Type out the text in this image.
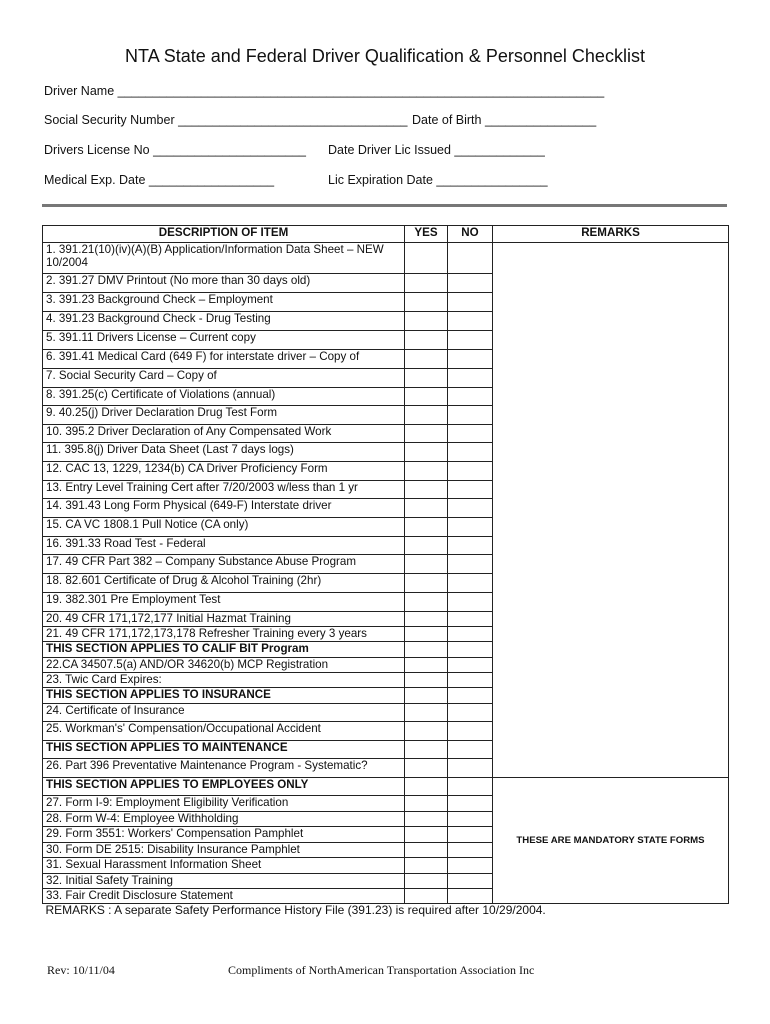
NTA State and Federal Driver Qualification & Personnel Checklist
Driver Name ______________________________________________________________________
Social Security Number _________________________________ Date of Birth ________________
Drivers License No ______________________ Date Driver Lic Issued _____________
Medical Exp. Date __________________	Lic Expiration Date ________________
DESCRIPTION OF ITEM	YES	NO	REMARKS
1. 391.21(10)(iv)(A)(B) Application/Information Data Sheet – NEW 10/2004			
2. 391.27 DMV Printout (No more than 30 days old)			
3. 391.23 Background Check – Employment			
4. 391.23 Background Check - Drug Testing			
5. 391.11 Drivers License – Current copy			
6. 391.41 Medical Card (649 F) for interstate driver – Copy of			
7. Social Security Card – Copy of			
8. 391.25(c) Certificate of Violations (annual)			
9. 40.25(j) Driver Declaration Drug Test Form			
10. 395.2 Driver Declaration of Any Compensated Work			
11. 395.8(j) Driver Data Sheet (Last 7 days logs)			
12. CAC 13, 1229, 1234(b) CA Driver Proficiency Form			
13. Entry Level Training Cert after 7/20/2003 w/less than 1 yr			
14. 391.43 Long Form Physical (649-F) Interstate driver			
15. CA VC 1808.1 Pull Notice (CA only)			
16. 391.33 Road Test - Federal			
17. 49 CFR Part 382 – Company Substance Abuse Program			
18. 82.601 Certificate of Drug & Alcohol Training (2hr)			
19. 382.301 Pre Employment Test			
20. 49 CFR 171,172,177 Initial Hazmat Training			
21. 49 CFR 171,172,173,178 Refresher Training every 3 years			
THIS SECTION APPLIES TO CALIF BIT Program			
22.CA 34507.5(a) AND/OR 34620(b) MCP Registration			
23. Twic Card Expires:			
THIS SECTION APPLIES TO INSURANCE			
24. Certificate of Insurance			
25. Workman's' Compensation/Occupational Accident			
THIS SECTION APPLIES TO MAINTENANCE			
26. Part 396 Preventative Maintenance Program - Systematic?			
THIS SECTION APPLIES TO EMPLOYEES ONLY			THESE ARE MANDATORY STATE FORMS
27. Form I-9: Employment Eligibility Verification			
28. Form W-4: Employee Withholding			
29. Form 3551: Workers' Compensation Pamphlet			
30. Form DE 2515: Disability Insurance Pamphlet			
31. Sexual Harassment Information Sheet			
32. Initial Safety Training			
33. Fair Credit Disclosure Statement			
REMARKS : A separate Safety Performance History File (391.23) is required after 10/29/2004.			
Rev: 10/11/04	Compliments of NorthAmerican Transportation Association Inc
